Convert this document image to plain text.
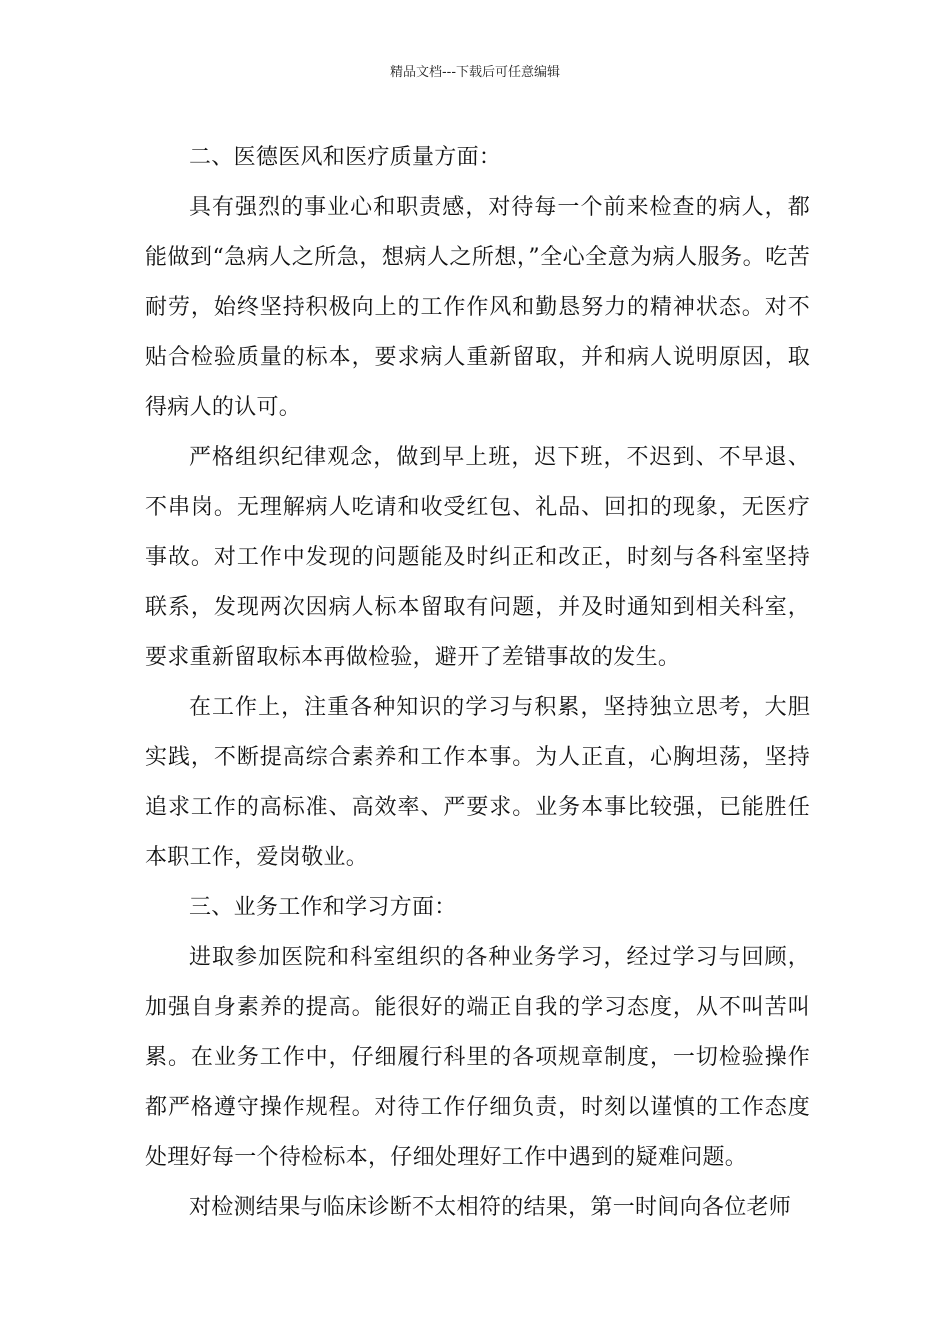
精品文档---下载后可任意编辑

二、医德医风和医疗质量方面：

具有强烈的事业心和职责感，对待每一个前来检查的病人，都能做到“急病人之所急，想病人之所想，”全心全意为病人服务。吃苦耐劳，始终坚持积极向上的工作作风和勤恳努力的精神状态。对不贴合检验质量的标本，要求病人重新留取，并和病人说明原因，取得病人的认可。

严格组织纪律观念，做到早上班，迟下班，不迟到、不早退、不串岗。无理解病人吃请和收受红包、礼品、回扣的现象，无医疗事故。对工作中发现的问题能及时纠正和改正，时刻与各科室坚持联系，发现两次因病人标本留取有问题，并及时通知到相关科室，要求重新留取标本再做检验，避开了差错事故的发生。

在工作上，注重各种知识的学习与积累，坚持独立思考，大胆实践，不断提高综合素养和工作本事。为人正直，心胸坦荡，坚持追求工作的高标准、高效率、严要求。业务本事比较强，已能胜任本职工作，爱岗敬业。

三、业务工作和学习方面：

进取参加医院和科室组织的各种业务学习，经过学习与回顾，加强自身素养的提高。能很好的端正自我的学习态度，从不叫苦叫累。在业务工作中，仔细履行科里的各项规章制度，一切检验操作都严格遵守操作规程。对待工作仔细负责，时刻以谨慎的工作态度处理好每一个待检标本，仔细处理好工作中遇到的疑难问题。

对检测结果与临床诊断不太相符的结果，第一时间向各位老师
